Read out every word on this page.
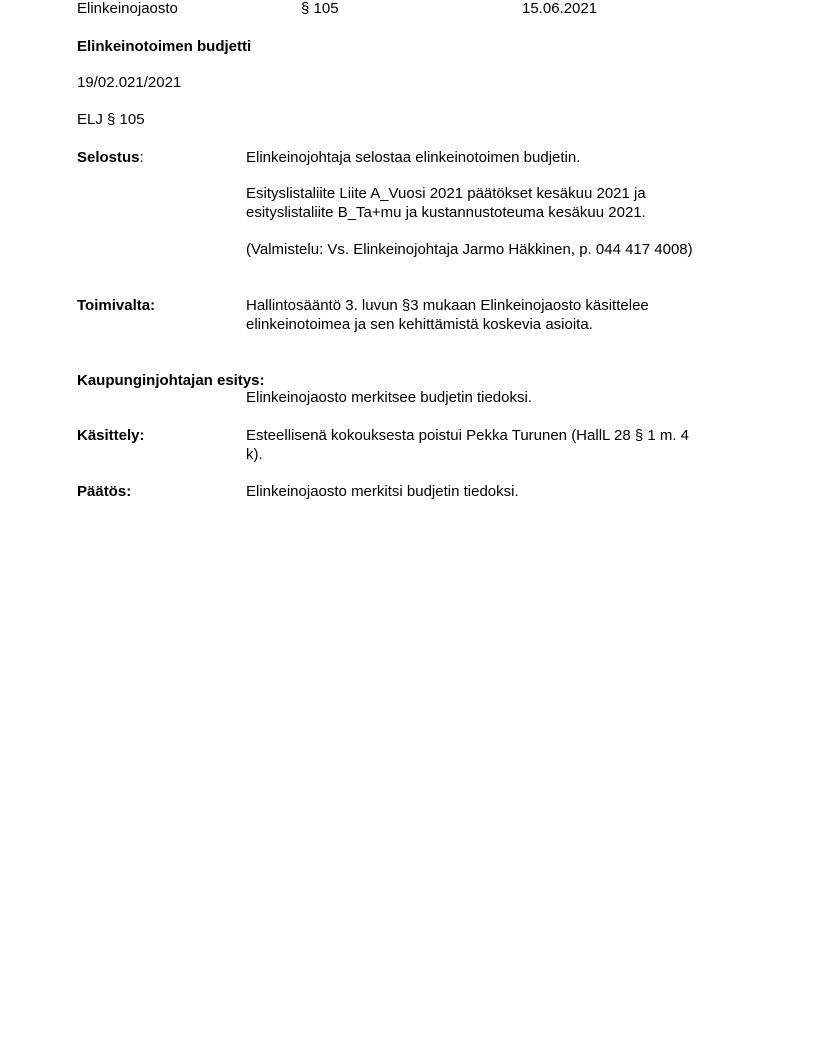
Elinkeinojaosto	§ 105	15.06.2021
Elinkeinotoimen budjetti
19/02.021/2021
ELJ § 105
Selostus:	Elinkeinojohtaja selostaa elinkeinotoimen budjetin.
Esityslistaliite Liite A_Vuosi 2021 päätökset kesäkuu 2021 ja
esityslistaliite B_Ta+mu ja kustannustoteuma kesäkuu 2021.
(Valmistelu: Vs. Elinkeinojohtaja Jarmo Häkkinen, p. 044 417 4008)
Toimivalta:	Hallintosääntö 3. luvun §3 mukaan Elinkeinojaosto käsittelee
elinkeinotoimea ja sen kehittämistä koskevia asioita.
Kaupunginjohtajan esitys:
Elinkeinojaosto merkitsee budjetin tiedoksi.
Käsittely:	Esteellisenä kokouksesta poistui Pekka Turunen (HallL 28 § 1 m. 4
k).
Päätös:	Elinkeinojaosto merkitsi budjetin tiedoksi.
